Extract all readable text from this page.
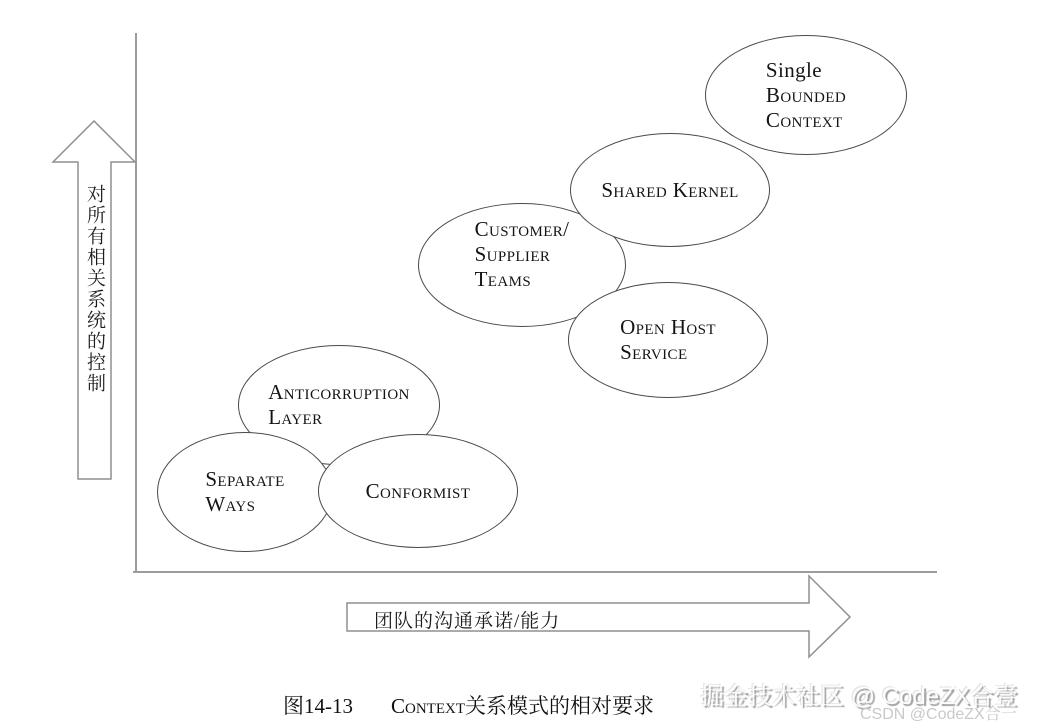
对所有相关系统的控制
团队的沟通承诺/能力
Anticorruption
Layer
Separate
Ways
Conformist
Customer/
Supplier
Teams
Shared Kernel
Open Host
Service
Single
Bounded
Context
图14-13 Context关系模式的相对要求 掘金技术社区 @ CodeZX合壹
CSDN @CodeZX合一
